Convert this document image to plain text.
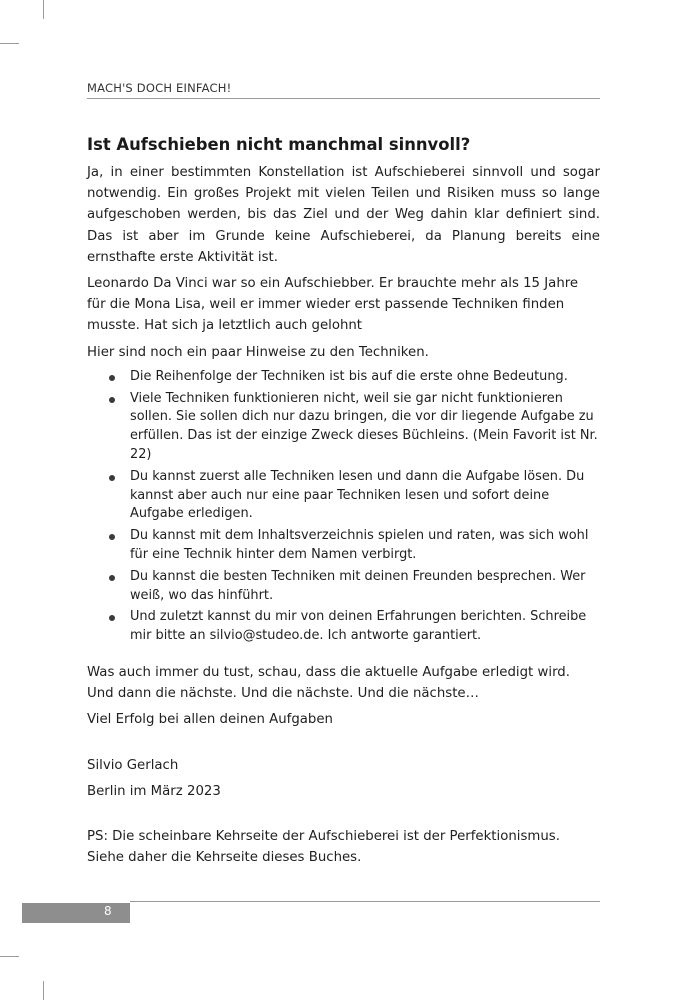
MACH'S DOCH EINFACH!
Ist Aufschieben nicht manchmal sinnvoll?

Ja, in einer bestimmten Konstellation ist Aufschieberei sinnvoll und sogar notwendig. Ein großes Projekt mit vielen Teilen und Risiken muss so lange aufgeschoben werden, bis das Ziel und der Weg dahin klar definiert sind. Das ist aber im Grunde keine Aufschieberei, da Planung bereits eine ernsthafte erste Aktivität ist.

Leonardo Da Vinci war so ein Aufschiebber. Er brauchte mehr als 15 Jahre für die Mona Lisa, weil er immer wieder erst passende Techniken finden musste. Hat sich ja letztlich auch gelohnt

Hier sind noch ein paar Hinweise zu den Techniken.

Die Reihenfolge der Techniken ist bis auf die erste ohne Bedeutung.
Viele Techniken funktionieren nicht, weil sie gar nicht funktionieren sollen. Sie sollen dich nur dazu bringen, die vor dir liegende Aufgabe zu erfüllen. Das ist der einzige Zweck dieses Büchleins. (Mein Favorit ist Nr. 22)
Du kannst zuerst alle Techniken lesen und dann die Aufgabe lösen. Du kannst aber auch nur eine paar Techniken lesen und sofort deine Aufgabe erledigen.
Du kannst mit dem Inhaltsverzeichnis spielen und raten, was sich wohl für eine Technik hinter dem Namen verbirgt.
Du kannst die besten Techniken mit deinen Freunden besprechen. Wer weiß, wo das hinführt.
Und zuletzt kannst du mir von deinen Erfahrungen berichten. Schreibe mir bitte an silvio@studeo.de. Ich antworte garantiert.

Was auch immer du tust, schau, dass die aktuelle Aufgabe erledigt wird. Und dann die nächste. Und die nächste. Und die nächste…

Viel Erfolg bei allen deinen Aufgaben

Silvio Gerlach

Berlin im März 2023

PS: Die scheinbare Kehrseite der Aufschieberei ist der Perfektionismus. Siehe daher die Kehrseite dieses Buches.

8
